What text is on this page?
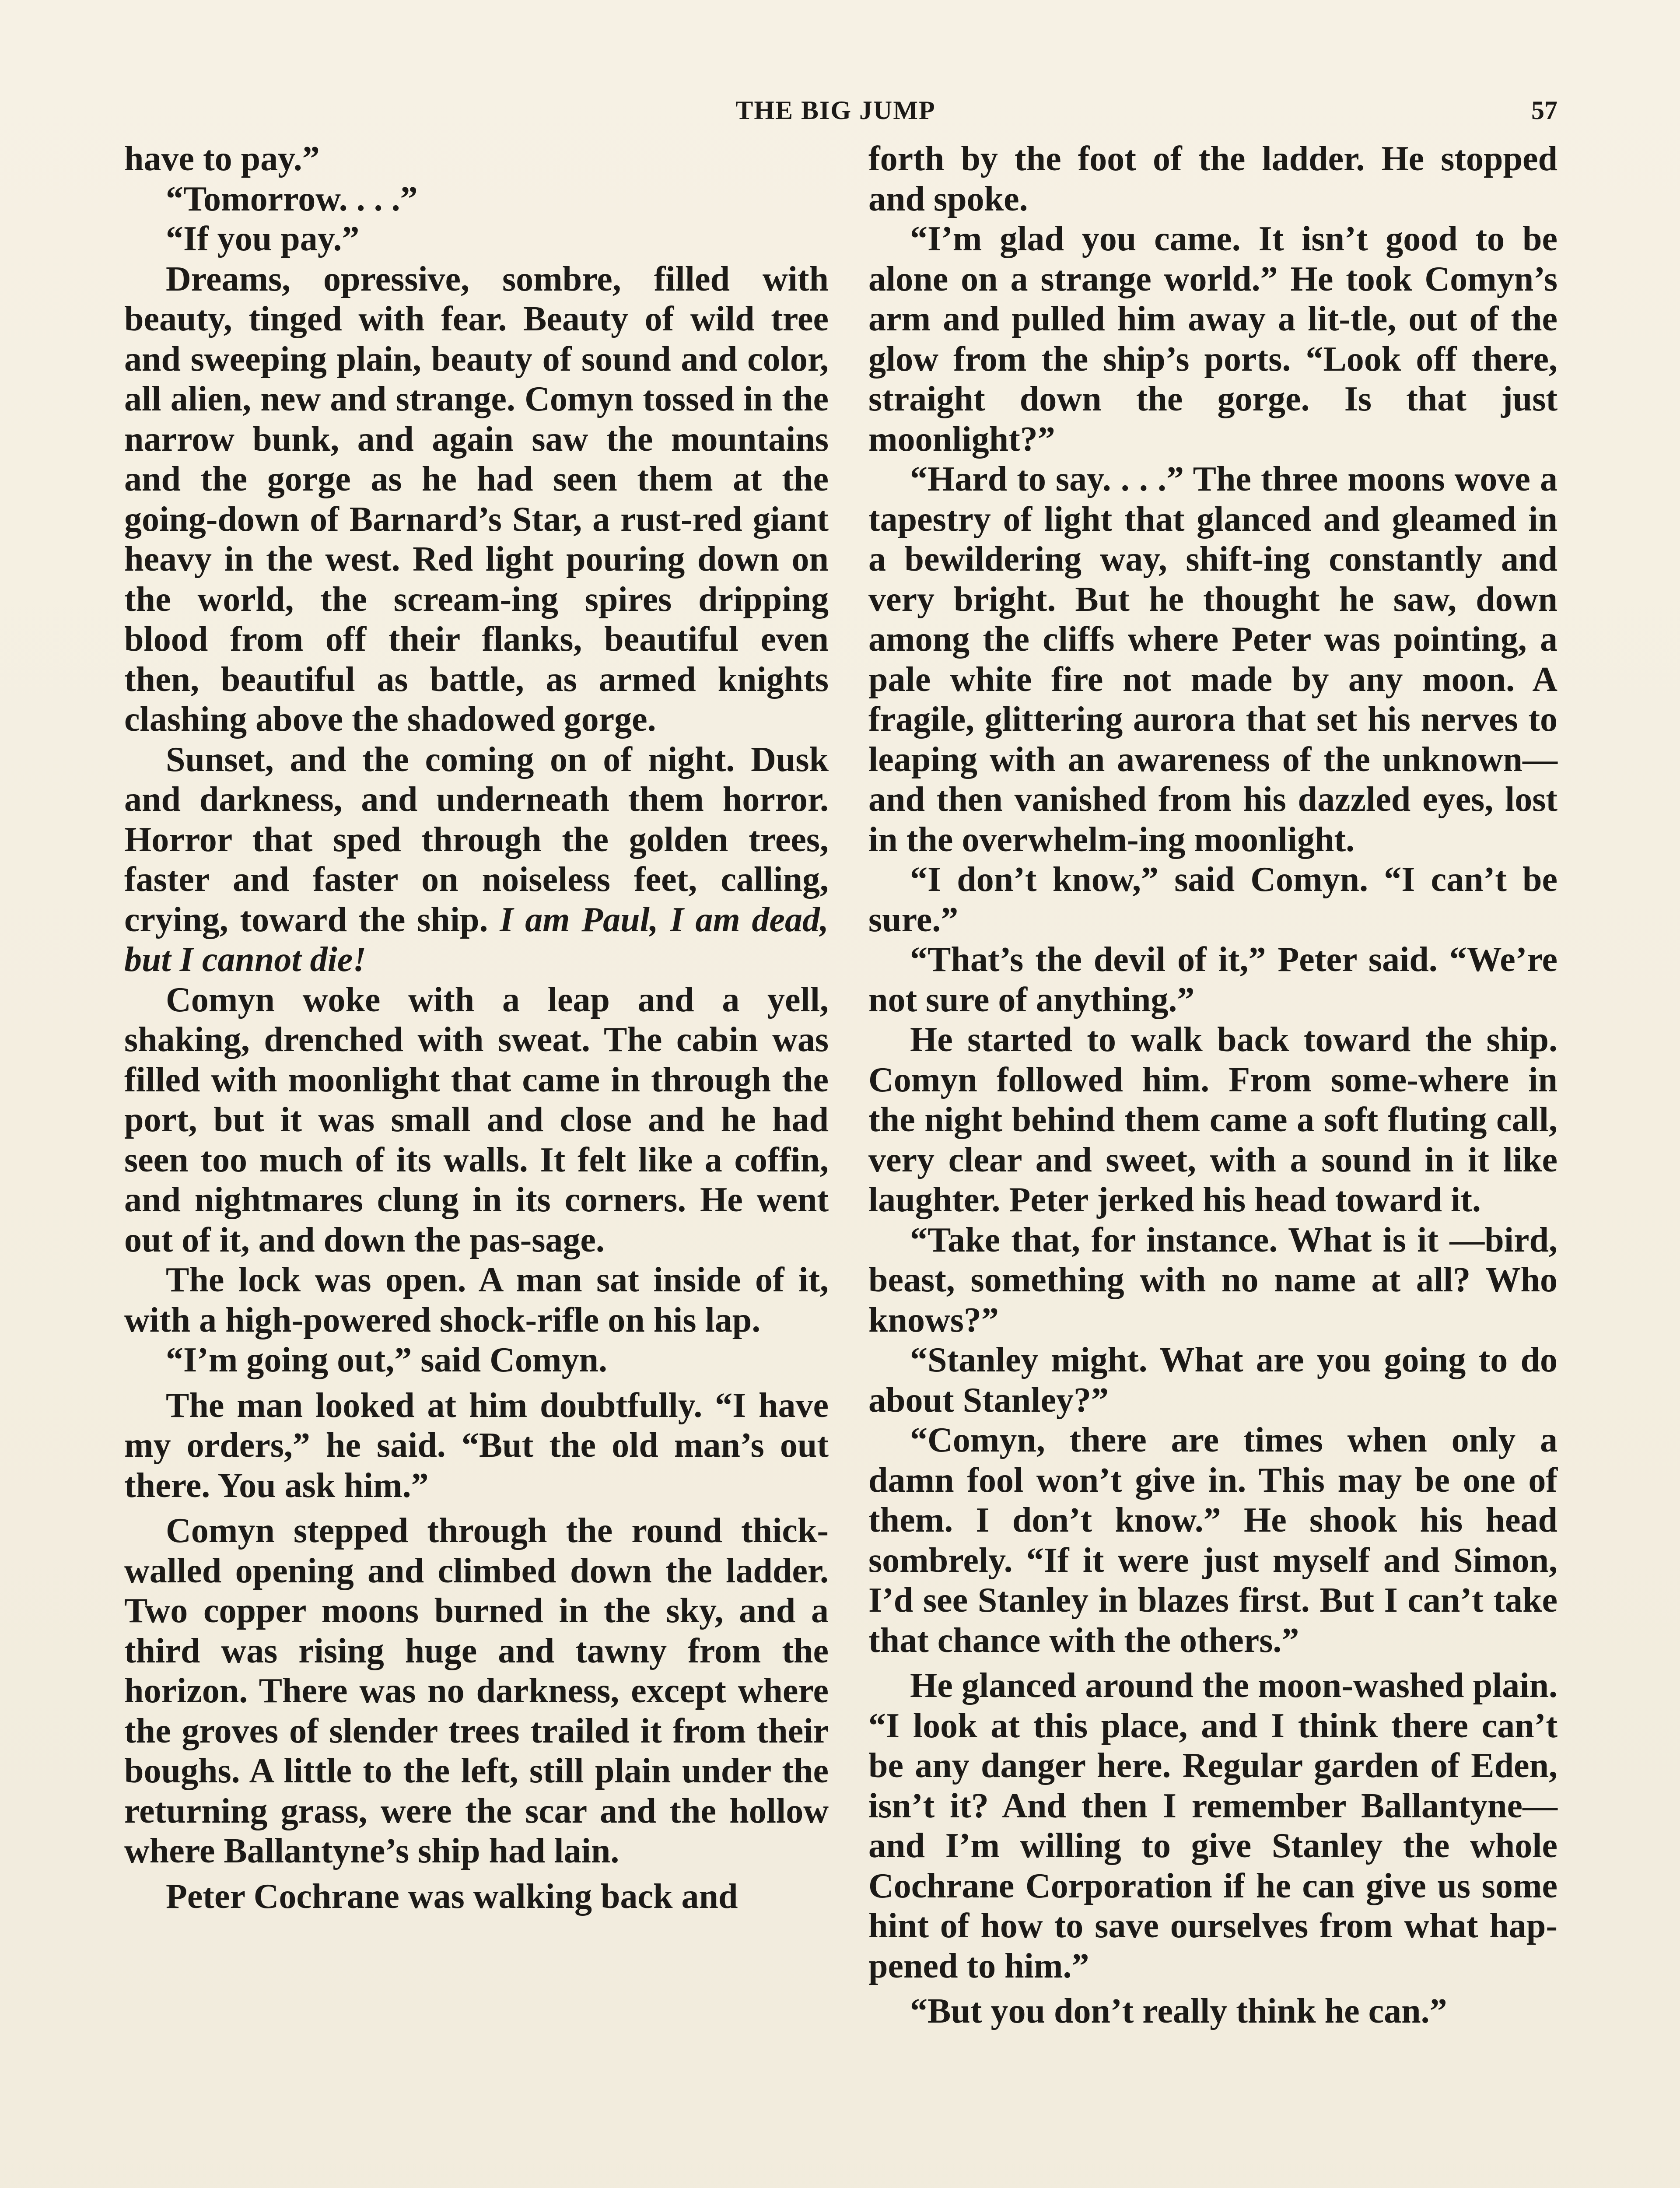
THE BIG JUMP	57

have to pay.”

“Tomorrow. . . .”

“If you pay.”

Dreams, opressive, sombre, filled with beauty, tinged with fear. Beauty of wild tree and sweeping plain, beauty of sound and color, all alien, new and strange. Comyn tossed in the narrow bunk, and again saw the mountains and the gorge as he had seen them at the going-down of Barnard’s Star, a rust-red giant heavy in the west. Red light pouring down on the world, the scream-ing spires dripping blood from off their flanks, beautiful even then, beautiful as battle, as armed knights clashing above the shadowed gorge.

Sunset, and the coming on of night. Dusk and darkness, and underneath them horror. Horror that sped through the golden trees, faster and faster on noiseless feet, calling, crying, toward the ship. I am Paul, I am dead, but I cannot die!

Comyn woke with a leap and a yell, shaking, drenched with sweat. The cabin was filled with moonlight that came in through the port, but it was small and close and he had seen too much of its walls. It felt like a coffin, and nightmares clung in its corners. He went out of it, and down the pas-sage.

The lock was open. A man sat inside of it, with a high-powered shock-rifle on his lap.

“I’m going out,” said Comyn.

The man looked at him doubtfully. “I have my orders,” he said. “But the old man’s out there. You ask him.”

Comyn stepped through the round thick-walled opening and climbed down the ladder. Two copper moons burned in the sky, and a third was rising huge and tawny from the horizon. There was no darkness, except where the groves of slender trees trailed it from their boughs. A little to the left, still plain under the returning grass, were the scar and the hollow where Ballantyne’s ship had lain.

Peter Cochrane was walking back and

forth by the foot of the ladder. He stopped and spoke.

“I’m glad you came. It isn’t good to be alone on a strange world.” He took Comyn’s arm and pulled him away a lit-tle, out of the glow from the ship’s ports. “Look off there, straight down the gorge. Is that just moonlight?”

“Hard to say. . . .” The three moons wove a tapestry of light that glanced and gleamed in a bewildering way, shift-ing constantly and very bright. But he thought he saw, down among the cliffs where Peter was pointing, a pale white fire not made by any moon. A fragile, glittering aurora that set his nerves to leaping with an awareness of the unknown—and then vanished from his dazzled eyes, lost in the overwhelm-ing moonlight.

“I don’t know,” said Comyn. “I can’t be sure.”

“That’s the devil of it,” Peter said. “We’re not sure of anything.”

He started to walk back toward the ship. Comyn followed him. From some-where in the night behind them came a soft fluting call, very clear and sweet, with a sound in it like laughter. Peter jerked his head toward it.

“Take that, for instance. What is it —bird, beast, something with no name at all? Who knows?”

“Stanley might. What are you going to do about Stanley?”

“Comyn, there are times when only a damn fool won’t give in. This may be one of them. I don’t know.” He shook his head sombrely. “If it were just myself and Simon, I’d see Stanley in blazes first. But I can’t take that chance with the others.”

He glanced around the moon-washed plain. “I look at this place, and I think there can’t be any danger here. Regular garden of Eden, isn’t it? And then I remember Ballantyne—and I’m willing to give Stanley the whole Cochrane Corporation if he can give us some hint of how to save ourselves from what hap-pened to him.”

“But you don’t really think he can.”
